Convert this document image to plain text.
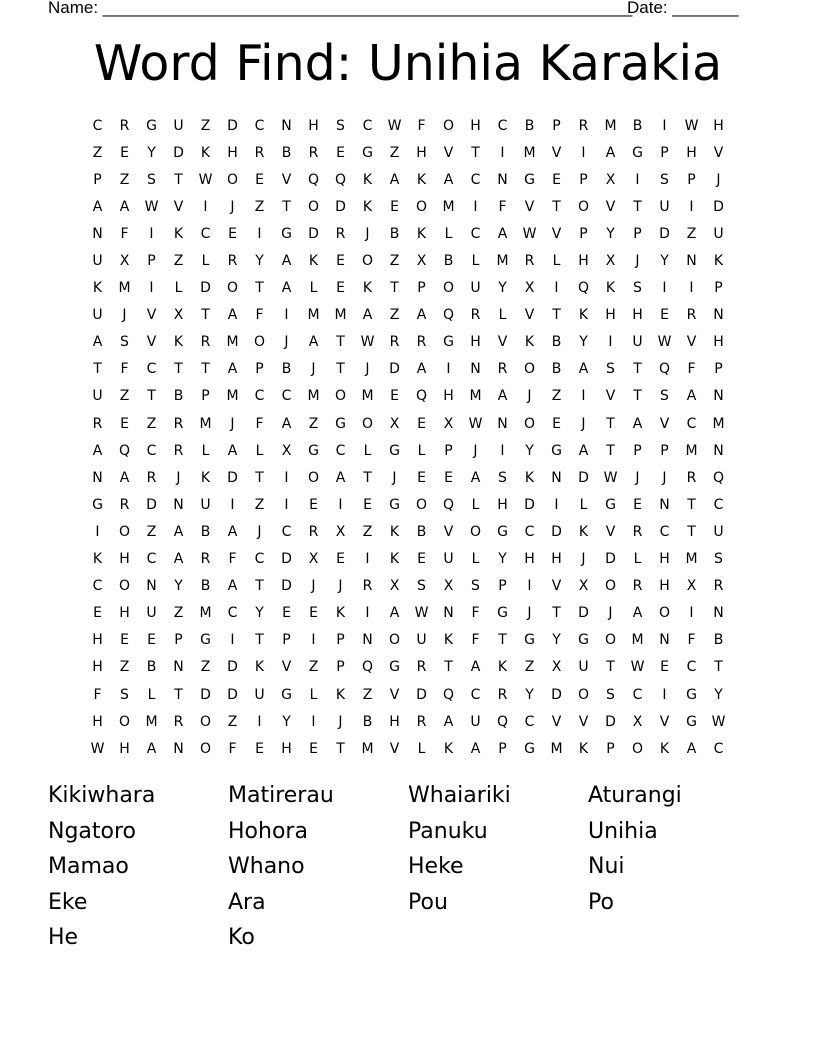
Name: ________________________________________________________
Date: _______
Word Find: Unihia Karakia
C	R	G	U	Z	D	C	N	H	S	C	W	F	O	H	C	B	P	R	M	B	I	W	H
Z	E	Y	D	K	H	R	B	R	E	G	Z	H	V	T	I	M	V	I	A	G	P	H	V
P	Z	S	T	W	O	E	V	Q	Q	K	A	K	A	C	N	G	E	P	X	I	S	P	J
A	A	W	V	I	J	Z	T	O	D	K	E	O	M	I	F	V	T	O	V	T	U	I	D
N	F	I	K	C	E	I	G	D	R	J	B	K	L	C	A	W	V	P	Y	P	D	Z	U
U	X	P	Z	L	R	Y	A	K	E	O	Z	X	B	L	M	R	L	H	X	J	Y	N	K
K	M	I	L	D	O	T	A	L	E	K	T	P	O	U	Y	X	I	Q	K	S	I	I	P
U	J	V	X	T	A	F	I	M	M	A	Z	A	Q	R	L	V	T	K	H	H	E	R	N
A	S	V	K	R	M	O	J	A	T	W	R	R	G	H	V	K	B	Y	I	U	W	V	H
T	F	C	T	T	A	P	B	J	T	J	D	A	I	N	R	O	B	A	S	T	Q	F	P
U	Z	T	B	P	M	C	C	M	O	M	E	Q	H	M	A	J	Z	I	V	T	S	A	N
R	E	Z	R	M	J	F	A	Z	G	O	X	E	X	W	N	O	E	J	T	A	V	C	M
A	Q	C	R	L	A	L	X	G	C	L	G	L	P	J	I	Y	G	A	T	P	P	M	N
N	A	R	J	K	D	T	I	O	A	T	J	E	E	A	S	K	N	D	W	J	J	R	Q
G	R	D	N	U	I	Z	I	E	I	E	G	O	Q	L	H	D	I	L	G	E	N	T	C
I	O	Z	A	B	A	J	C	R	X	Z	K	B	V	O	G	C	D	K	V	R	C	T	U
K	H	C	A	R	F	C	D	X	E	I	K	E	U	L	Y	H	H	J	D	L	H	M	S
C	O	N	Y	B	A	T	D	J	J	R	X	S	X	S	P	I	V	X	O	R	H	X	R
E	H	U	Z	M	C	Y	E	E	K	I	A	W	N	F	G	J	T	D	J	A	O	I	N
H	E	E	P	G	I	T	P	I	P	N	O	U	K	F	T	G	Y	G	O	M	N	F	B
H	Z	B	N	Z	D	K	V	Z	P	Q	G	R	T	A	K	Z	X	U	T	W	E	C	T
F	S	L	T	D	D	U	G	L	K	Z	V	D	Q	C	R	Y	D	O	S	C	I	G	Y
H	O	M	R	O	Z	I	Y	I	J	B	H	R	A	U	Q	C	V	V	D	X	V	G	W
W	H	A	N	O	F	E	H	E	T	M	V	L	K	A	P	G	M	K	P	O	K	A	C
Kikiwhara	Matirerau	Whaiariki	Aturangi
Ngatoro	Hohora	Panuku	Unihia
Mamao	Whano	Heke	Nui
Eke	Ara	Pou	Po
He	Ko
